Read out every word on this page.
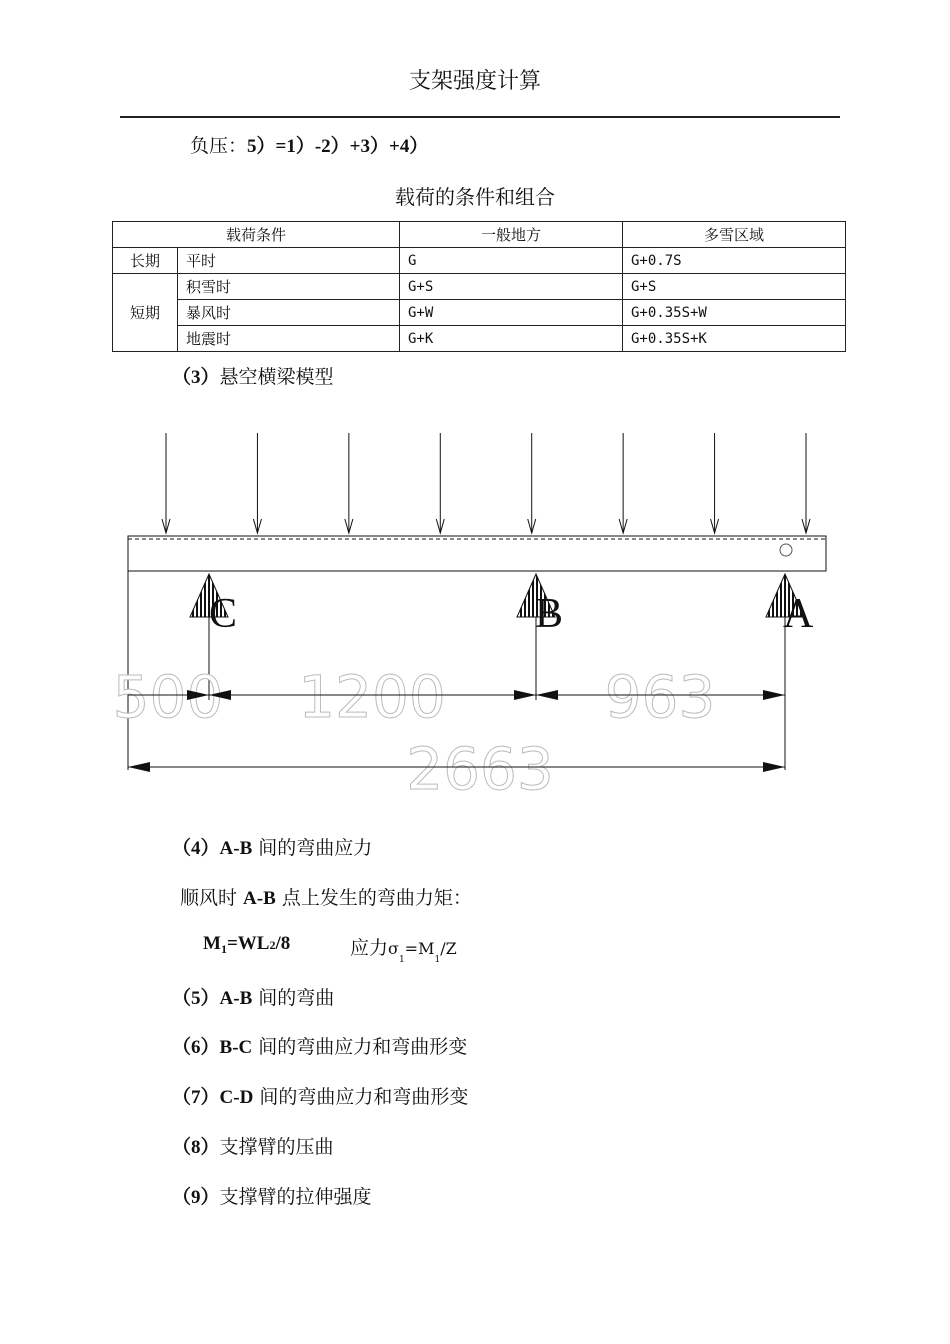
支架强度计算
负压：5）=1）-2）+3）+4）
载荷的条件和组合
载荷条件		一般地方	多雪区域
长期	平时	G	G+0.7S
短期	积雪时	G+S	G+S
	暴风时	G+W	G+0.35S+W
	地震时	G+K	G+0.35S+K
（3）悬空横梁模型
C	B	A
500 1200	963
2663
（4）A-B 间的弯曲应力
顺风时 A-B 点上发生的弯曲力矩：
$M_1=WL2/8$	应力$\sigma_1=M_1/Z$
（5）A-B 间的弯曲
（6）B-C 间的弯曲应力和弯曲形变
（7）C-D 间的弯曲应力和弯曲形变
（8）支撑臂的压曲
（9）支撑臂的拉伸强度
